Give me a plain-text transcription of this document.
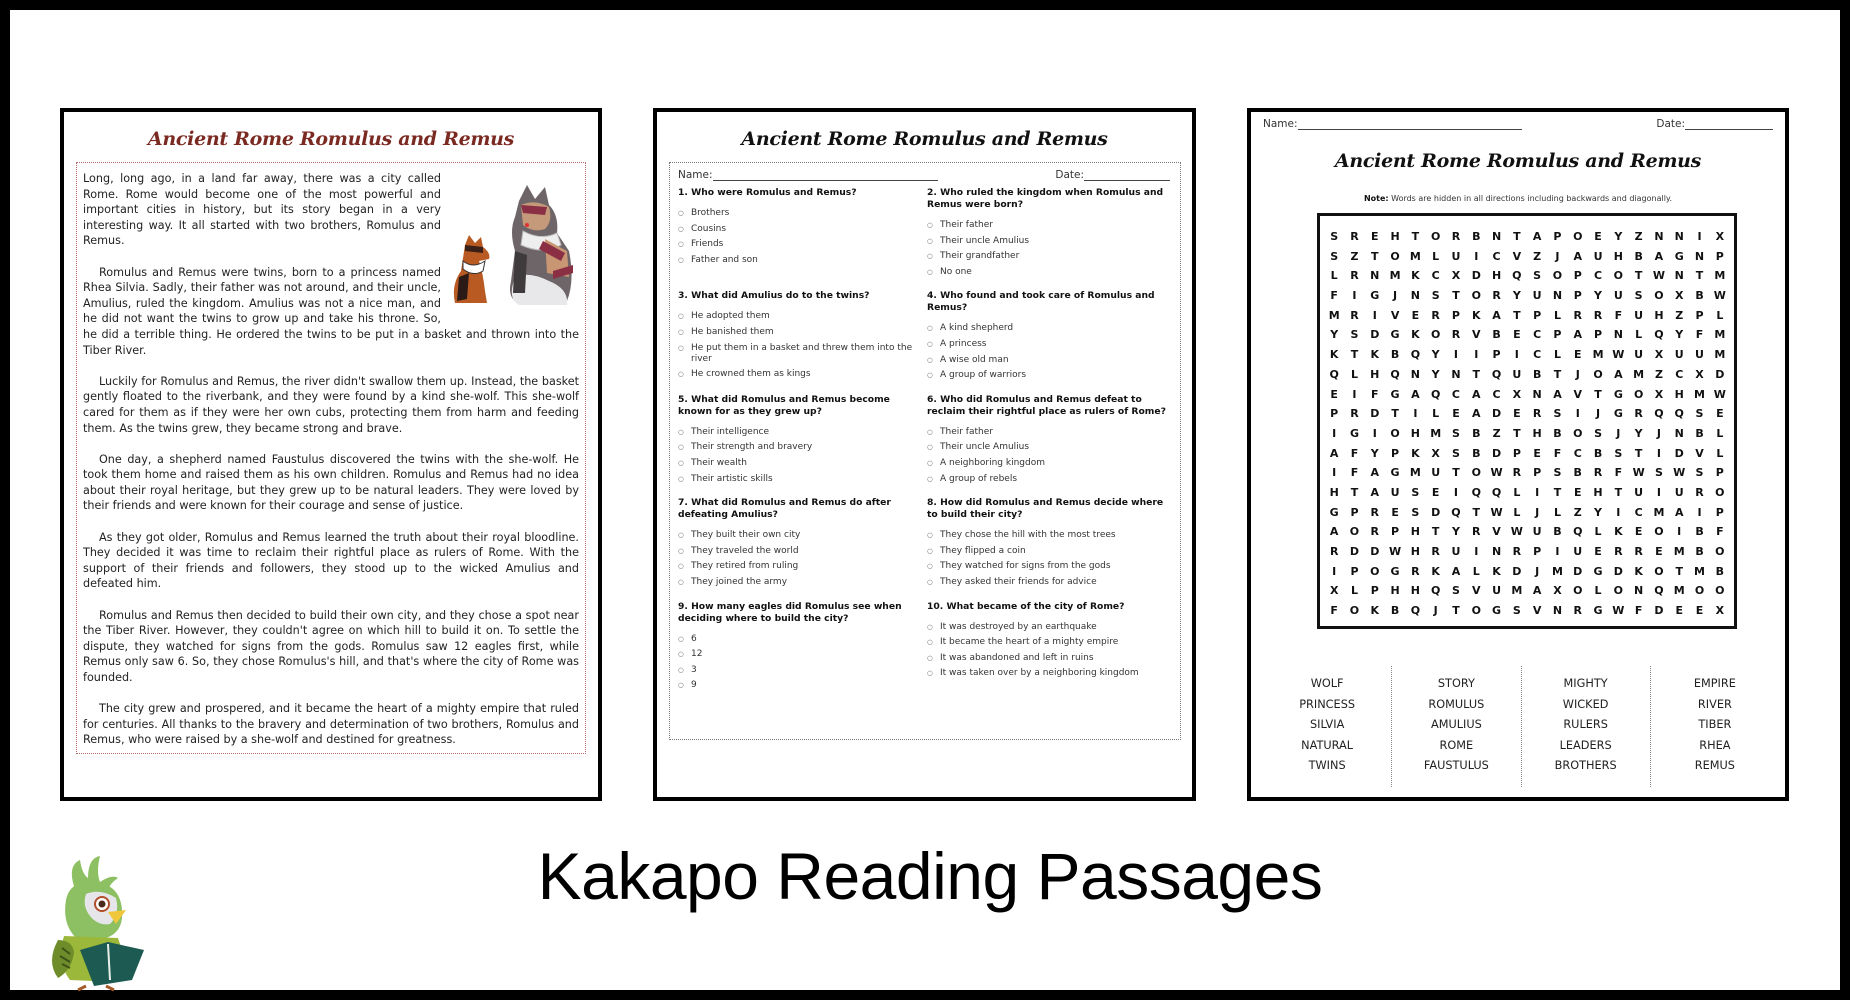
Ancient Rome Romulus and Remus

Long, long ago, in a land far away, there was a city called Rome. Rome would become one of the most powerful and important cities in history, but its story began in a very interesting way. It all started with two brothers, Romulus and Remus.

Romulus and Remus were twins, born to a princess named Rhea Silvia. Sadly, their father was not around, and their uncle, Amulius, ruled the kingdom. Amulius was not a nice man, and he did not want the twins to grow up and take his throne. So, he did a terrible thing. He ordered the twins to be put in a basket and thrown into the Tiber River.

Luckily for Romulus and Remus, the river didn't swallow them up. Instead, the basket gently floated to the riverbank, and they were found by a kind she-wolf. This she-wolf cared for them as if they were her own cubs, protecting them from harm and feeding them. As the twins grew, they became strong and brave.

One day, a shepherd named Faustulus discovered the twins with the she-wolf. He took them home and raised them as his own children. Romulus and Remus had no idea about their royal heritage, but they grew up to be natural leaders. They were loved by their friends and were known for their courage and sense of justice.

As they got older, Romulus and Remus learned the truth about their royal bloodline. They decided it was time to reclaim their rightful place as rulers of Rome. With the support of their friends and followers, they stood up to the wicked Amulius and defeated him.

Romulus and Remus then decided to build their own city, and they chose a spot near the Tiber River. However, they couldn't agree on which hill to build it on. To settle the dispute, they watched for signs from the gods. Romulus saw 12 eagles first, while Remus only saw 6. So, they chose Romulus's hill, and that's where the city of Rome was founded.

The city grew and prospered, and it became the heart of a mighty empire that ruled for centuries. All thanks to the bravery and determination of two brothers, Romulus and Remus, who were raised by a she-wolf and destined for greatness.

Ancient Rome Romulus and Remus
Name:	Date:
1. Who were Romulus and Remus?
○ Brothers
○ Cousins
○ Friends
○ Father and son
2. Who ruled the kingdom when Romulus and Remus were born?
○ Their father
○ Their uncle Amulius
○ Their grandfather
○ No one
3. What did Amulius do to the twins?
○ He adopted them
○ He banished them
○ He put them in a basket and threw them into the river
○ He crowned them as kings
4. Who found and took care of Romulus and Remus?
○ A kind shepherd
○ A princess
○ A wise old man
○ A group of warriors
5. What did Romulus and Remus become known for as they grew up?
○ Their intelligence
○ Their strength and bravery
○ Their wealth
○ Their artistic skills
6. Who did Romulus and Remus defeat to reclaim their rightful place as rulers of Rome?
○ Their father
○ Their uncle Amulius
○ A neighboring kingdom
○ A group of rebels
7. What did Romulus and Remus do after defeating Amulius?
○ They built their own city
○ They traveled the world
○ They retired from ruling
○ They joined the army
8. How did Romulus and Remus decide where to build their city?
○ They chose the hill with the most trees
○ They flipped a coin
○ They watched for signs from the gods
○ They asked their friends for advice
9. How many eagles did Romulus see when deciding where to build the city?
○ 6
○ 12
○ 3
○ 9
10. What became of the city of Rome?
○ It was destroyed by an earthquake
○ It became the heart of a mighty empire
○ It was abandoned and left in ruins
○ It was taken over by a neighboring kingdom
Name:	Date:
Ancient Rome Romulus and Remus
Note: Words are hidden in all directions including backwards and diagonally.
S	R	E	H	T	O	R	B	N	T	A	P	O	E	Y	Z	N	N	I	X
S	Z	T	O M	L	U	I	C	V	Z	J	A	U	H	B	A	G	N	P
L	R	N M K	C	X	D	H	Q	S	O	P	C	O	T W N	T	M
F	I	G	J	N	S	T	O	R	Y	U	N	P	Y	U	S	O	X	B W
M R	I	V	E	R	P	K	A	T	P	L	R	R	F	U	H	Z	P	L
Y	S	D	G	K	O	R	V	B	E	C	P	A	P	N	L	Q	Y	F	M
K	T	K	B	Q	Y	I	I	P	I	C	L	E	M W U	X	U	U M
Q	L	H	Q	N	Y	N	T	Q	U	B	T	J	O	A M Z	C	X	D
E	I	F	G	A	Q	C	A	C	X	N	A	V	T	G	O	X	H M W
P	R	D	T	I	L	E	A	D	E	R	S	I	J	G	R	Q Q	S	E
I	G	I	O	H M S	B	Z	T	H	B	O	S	J	Y	J	N	B	L
A	F	Y	P	K	X	S	B	D	P	E	F	C	B	S	T	I	D	V	L
I	F	A	G M U	T	O W R	P	S	B	R	F W S W S	P
H	T	A	U	S	E	I	Q Q	L	I	T	E	H	T	U	I	U	R	O
G	P	R	E	S	D	Q	T W L	J	L	Z	Y	I	C M A	I	P
A	O	R	P	H	T	Y	R	V W U	B	Q	L	K	E	O	I	B	F
R	D	D W H	R	U	I	N	R	P	I	U	E	R	R	E	M B	O
I	P	O	G	R	K	A	L	K	D	J	M D	G	D	K	O	T	M B
X	L	P	H	H	Q	S	V	U M A	X	O	L	O	N	Q M O O
F	O	K	B	Q	J	T	O	G	S	V	N	R	G W F	D	E	E	X
WOLF
PRINCESS
SILVIA
NATURAL
TWINS
STORY
ROMULUS
AMULIUS
ROME
FAUSTULUS
MIGHTY
WICKED
RULERS
LEADERS
BROTHERS
EMPIRE
RIVER
TIBER
RHEA
REMUS
Kakapo Reading Passages
